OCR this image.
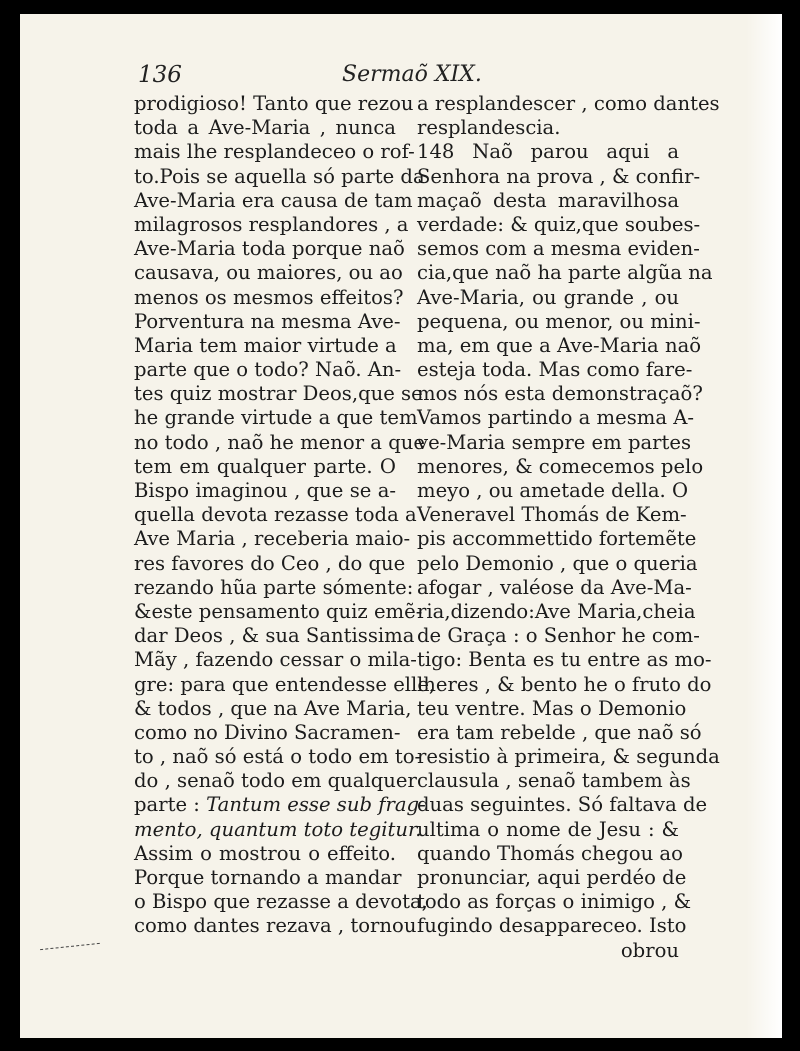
136	Sermaõ XIX.
prodigioso! Tanto que rezou
toda a Ave-Maria , nunca
mais lhe resplandeceo o rof-
to.Pois se aquella só parte da
Ave-Maria era causa de tam
milagrosos resplandores , a
Ave-Maria toda porque naõ
causava, ou maiores, ou ao
menos os mesmos effeitos?
Porventura na mesma Ave-
Maria tem maior virtude a
parte que o todo? Naõ. An-
tes quiz mostrar Deos,que se
he grande virtude a que tem
no todo , naõ he menor a que
tem em qualquer parte. O
Bispo imaginou , que se a-
quella devota rezasse toda a
Ave Maria , receberia maio-
res favores do Ceo , do que
rezando hũa parte sómente:
&este pensamento quiz emẽ-
dar Deos , & sua Santissima
Mãy , fazendo cessar o mila-
gre: para que entendesse elle,
& todos , que na Ave Maria,
como no Divino Sacramen-
to , naõ só está o todo em to-
do , senaõ todo em qualquer
parte : Tantum esse sub frag-
mento, quantum toto tegitur.
Assim o mostrou o effeito.
Porque tornando a mandar
o Bispo que rezasse a devota,
como dantes rezava , tornou
a resplandescer , como dantes
resplandescia.
148 Naõ parou aqui a
Senhora na prova , & confir-
maçaõ desta maravilhosa
verdade: & quiz,que soubes-
semos com a mesma eviden-
cia,que naõ ha parte algũa na
Ave-Maria, ou grande , ou
pequena, ou menor, ou mini-
ma, em que a Ave-Maria naõ
esteja toda. Mas como fare-
mos nós esta demonstraçaõ?
Vamos partindo a mesma A-
ve-Maria sempre em partes
menores, & comecemos pelo
meyo , ou ametade della. O
Veneravel Thomás de Kem-
pis accommettido fortemẽte
pelo Demonio , que o queria
afogar , valéose da Ave-Ma-
ria,dizendo:Ave Maria,cheia
de Graça : o Senhor he com-
tigo: Benta es tu entre as mo-
lheres , & bento he o fruto do
teu ventre. Mas o Demonio
era tam rebelde , que naõ só
resistio à primeira, & segunda
clausula , senaõ tambem às
duas seguintes. Só faltava de
ultima o nome de Jesu : &
quando Thomás chegou ao
pronunciar, aqui perdéo de
todo as forças o inimigo , &
fugindo desappareceo. Isto
obrou
